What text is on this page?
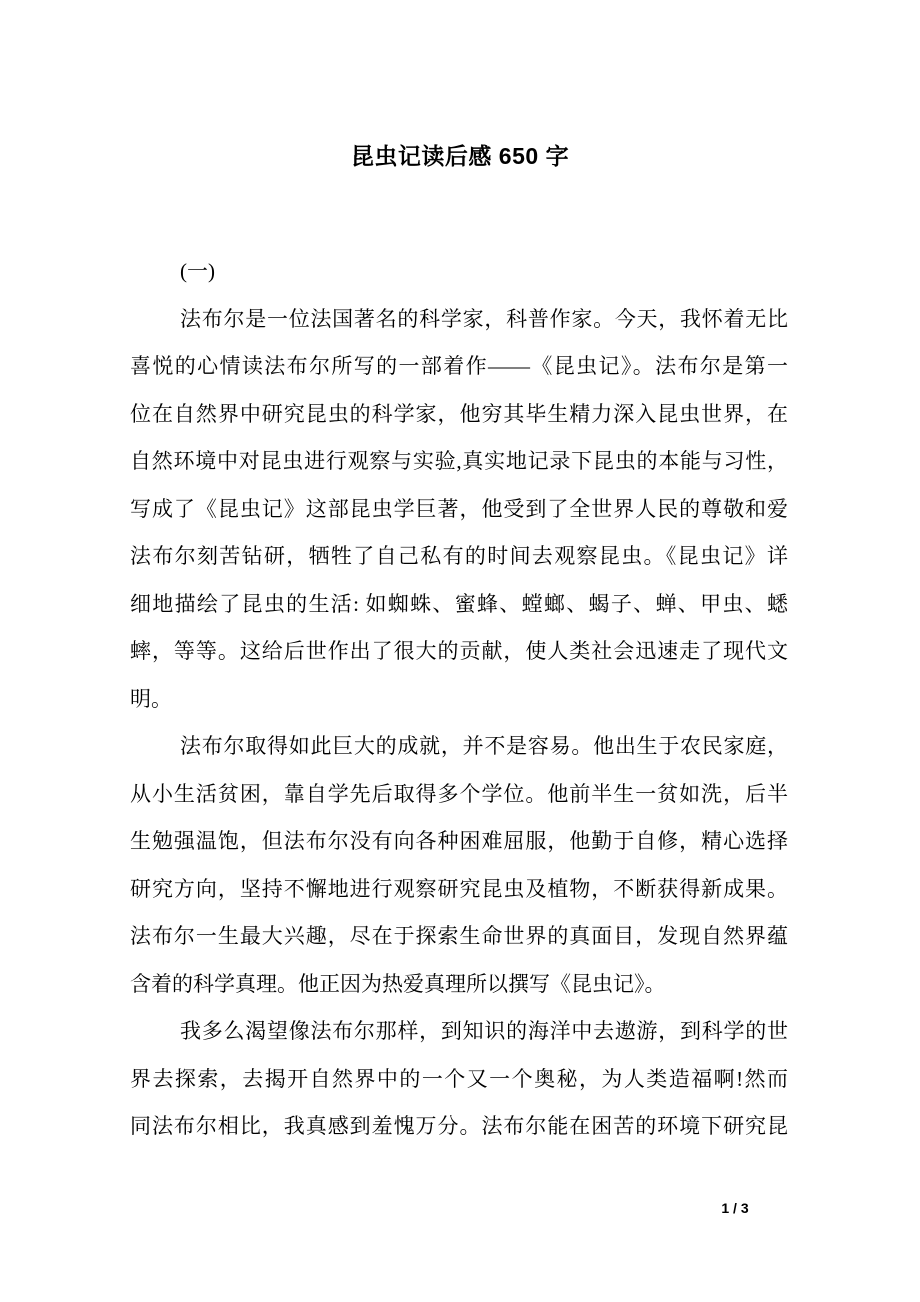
昆虫记读后感 650 字
(一)
法布尔是一位法国著名的科学家，科普作家。今天，我怀着无比
喜悦的心情读法布尔所写的一部着作——《昆虫记》。法布尔是第一
位在自然界中研究昆虫的科学家，他穷其毕生精力深入昆虫世界，在
自然环境中对昆虫进行观察与实验,真实地记录下昆虫的本能与习性，
写成了《昆虫记》这部昆虫学巨著，他受到了全世界人民的尊敬和爱
法布尔刻苦钻研，牺牲了自己私有的时间去观察昆虫。《昆虫记》详
细地描绘了昆虫的生活: 如蜘蛛、蜜蜂、螳螂、蝎子、蝉、甲虫、蟋
蟀，等等。这给后世作出了很大的贡献，使人类社会迅速走了现代文
明。
法布尔取得如此巨大的成就，并不是容易。他出生于农民家庭，
从小生活贫困，靠自学先后取得多个学位。他前半生一贫如洗，后半
生勉强温饱，但法布尔没有向各种困难屈服，他勤于自修，精心选择
研究方向，坚持不懈地进行观察研究昆虫及植物，不断获得新成果。
法布尔一生最大兴趣，尽在于探索生命世界的真面目，发现自然界蕴
含着的科学真理。他正因为热爱真理所以撰写《昆虫记》。
我多么渴望像法布尔那样，到知识的海洋中去遨游，到科学的世
界去探索，去揭开自然界中的一个又一个奥秘，为人类造福啊!然而
同法布尔相比，我真感到羞愧万分。法布尔能在困苦的环境下研究昆
1 / 3
